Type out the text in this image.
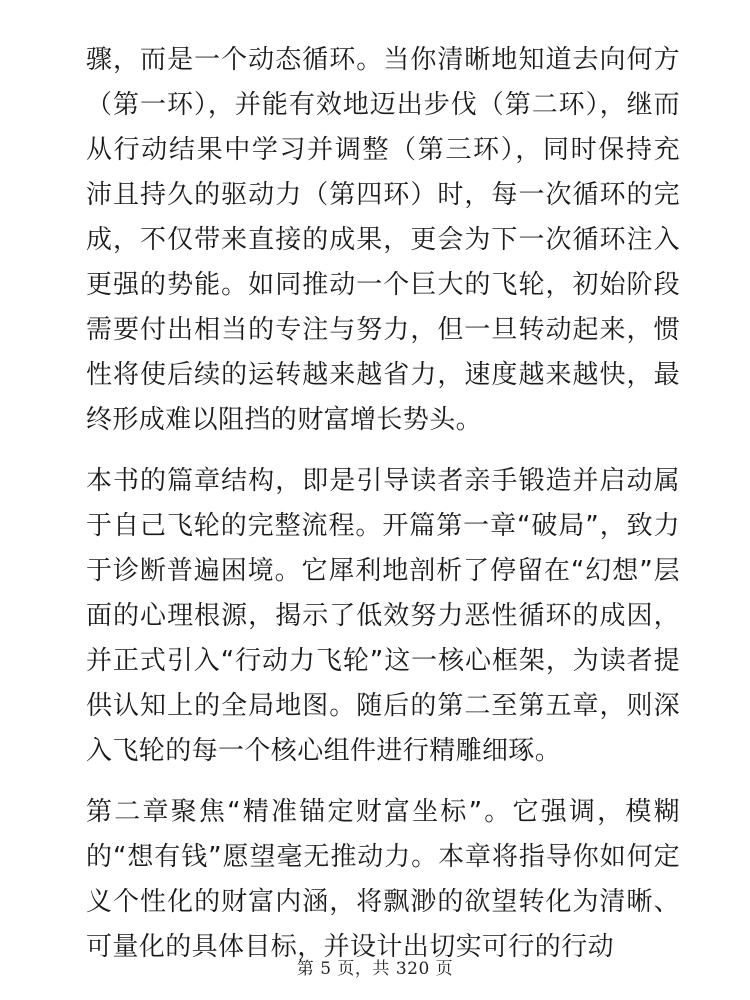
骤，而是一个动态循环。当你清晰地知道去向何方（第一环），并能有效地迈出步伐（第二环），继而从行动结果中学习并调整（第三环），同时保持充沛且持久的驱动力（第四环）时，每一次循环的完成，不仅带来直接的成果，更会为下一次循环注入更强的势能。如同推动一个巨大的飞轮，初始阶段需要付出相当的专注与努力，但一旦转动起来，惯性将使后续的运转越来越省力，速度越来越快，最终形成难以阻挡的财富增长势头。

本书的篇章结构，即是引导读者亲手锻造并启动属于自己飞轮的完整流程。开篇第一章“破局”，致力于诊断普遍困境。它犀利地剖析了停留在“幻想”层面的心理根源，揭示了低效努力恶性循环的成因，并正式引入“行动力飞轮”这一核心框架，为读者提供认知上的全局地图。随后的第二至第五章，则深入飞轮的每一个核心组件进行精雕细琢。

第二章聚焦“精准锚定财富坐标”。它强调，模糊的“想有钱”愿望毫无推动力。本章将指导你如何定义个性化的财富内涵，将飘渺的欲望转化为清晰、可量化的具体目标，并设计出切实可行的行动

第 5 页，共 320 页
